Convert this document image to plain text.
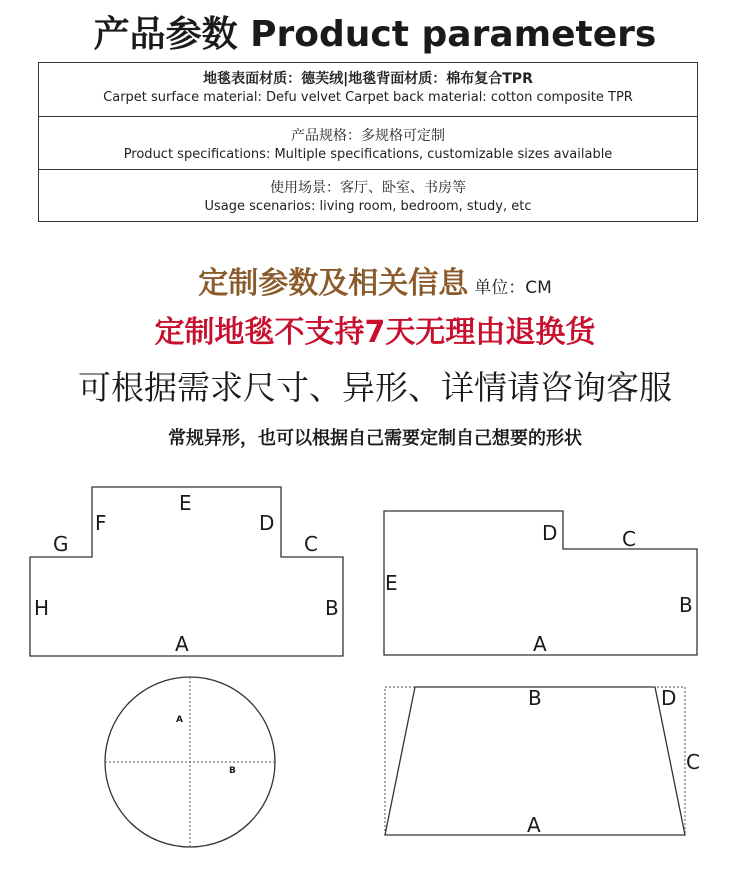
产品参数 Product parameters
地毯表面材质：德芙绒|地毯背面材质：棉布复合TPR
Carpet surface material: Defu velvet Carpet back material: cotton composite TPR
产品规格：多规格可定制
Product specifications: Multiple specifications, customizable sizes available
使用场景：客厅、卧室、书房等
Usage scenarios: living room, bedroom, study, etc
定制参数及相关信息 单位：CM
定制地毯不支持7天无理由退换货
可根据需求尺寸、异形、详情请咨询客服
常规异形，也可以根据自己需要定制自己想要的形状
A
B
C
D
E
F
G
H
A
B
C
D
E
A
B
A
B
C
D
